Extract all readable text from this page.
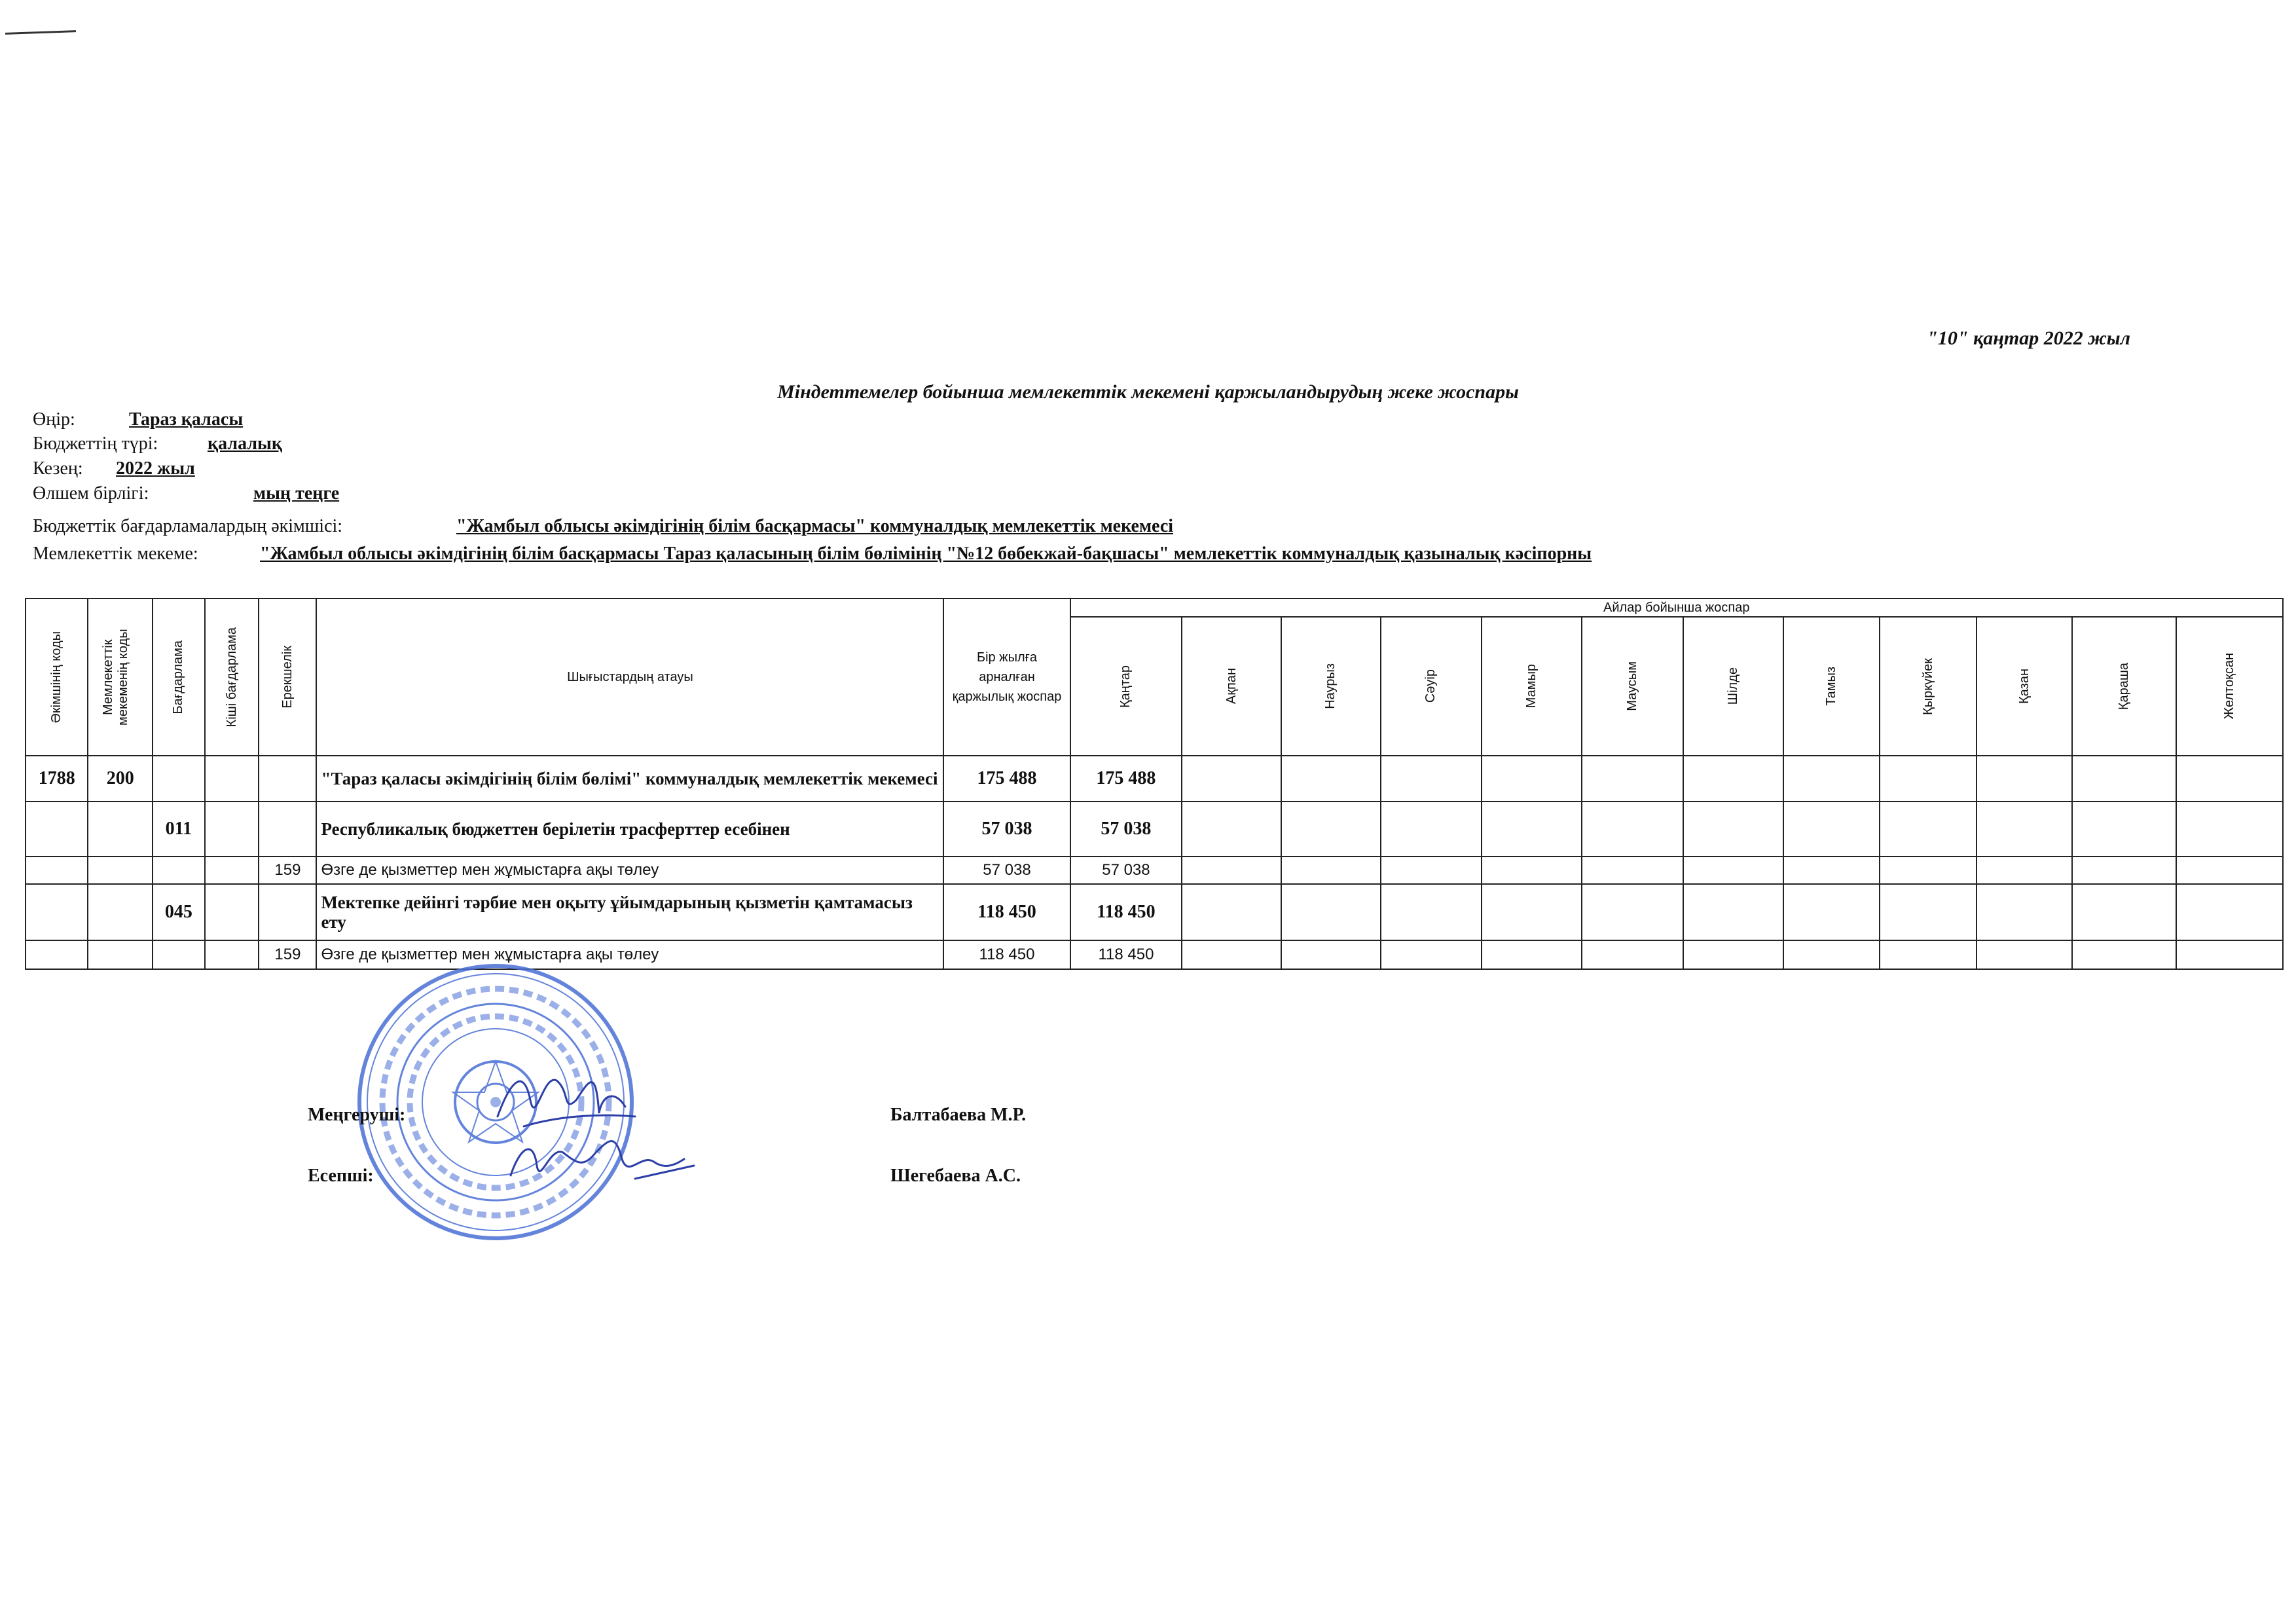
"10" қаңтар 2022 жыл
Міндеттемелер бойынша мемлекеттік мекемені қаржыландырудың жеке жоспары
Өңір:	Тараз қаласы
Бюджеттің түрі:	қалалық
Кезең: 2022 жыл
Өлшем бірлігі:	мың теңге
Бюджеттік бағдарламалардың әкімшісі:	"Жамбыл облысы әкімдігінің білім басқармасы" коммуналдық мемлекеттік мекемесі
Мемлекеттік мекеме:	"Жамбыл облысы әкімдігінің білім басқармасы Тараз қаласының білім бөлімінің "№12 бөбекжай-бақшасы" мемлекеттік коммуналдық қазыналық кәсіпорны
Әкімшінің коды	Мемлекеттік мекеменің коды	Бағдарлама	Кіші бағдарлама	Ерекшелік	Шығыстардың атауы	Бір жылға арналған қаржылық жоспар	Айлар бойынша жоспар											

							Қаңтар	Ақпан	Наурыз	Сәуір	Мамыр	Маусым	Шілде	Тамыз	Қыркүйек	Қазан	Қараша	Желтоқсан

1788	200				"Тараз қаласы әкімдігінің білім бөлімі" коммуналдық мемлекеттік мекемесі	175 488	175 488											
		011			Республикалық бюджеттен берілетін трасферттер есебінен	57 038	57 038											
				159	Өзге де қызметтер мен жұмыстарға ақы төлеу	57 038	57 038											
		045			Мектепке дейінгі тәрбие мен оқыту ұйымдарының қызметін қамтамасыз ету	118 450	118 450											
				159	Өзге де қызметтер мен жұмыстарға ақы төлеу	118 450	118 450											
Меңгеруші:	Балтабаева М.Р.
Есепші:	Шегебаева А.С.
